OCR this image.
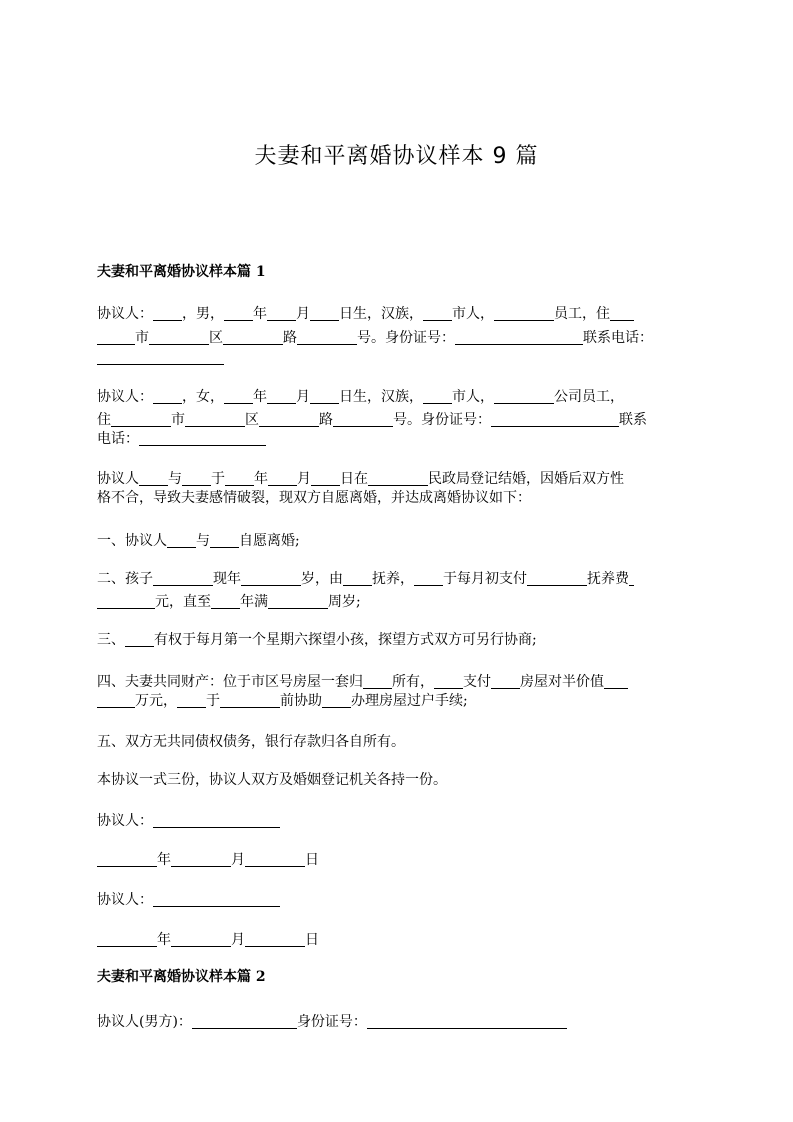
夫妻和平离婚协议样本 9 篇
夫妻和平离婚协议样本篇 1
协议人： ，男， 年 月 日生，汉族， 市人，	员工，住
市	区	路	号。身份证号：	联系电话：
协议人： ，女， 年 月 日生，汉族， 市人，	公司员工，
住	市	区	路	号。身份证号：	联系
电话：
协议人 与 于 年 月 日在	民政局登记结婚，因婚后双方性
格不合，导致夫妻感情破裂，现双方自愿离婚，并达成离婚协议如下：
一、协议人 与 自愿离婚;
二、孩子	现年	岁，由 抚养， 于每月初支付	抚养费
元，直至 年满	周岁;
三、 有权于每月第一个星期六探望小孩，探望方式双方可另行协商;
四、夫妻共同财产：位于市区号房屋一套归 所有， 支付 房屋对半价值
万元， 于	前协助 办理房屋过户手续;
五、双方无共同债权债务，银行存款归各自所有。
本协议一式三份，协议人双方及婚姻登记机关各持一份。
协议人：
年	月	日
协议人：
年	月	日
夫妻和平离婚协议样本篇 2
协议人(男方)：	身份证号：
